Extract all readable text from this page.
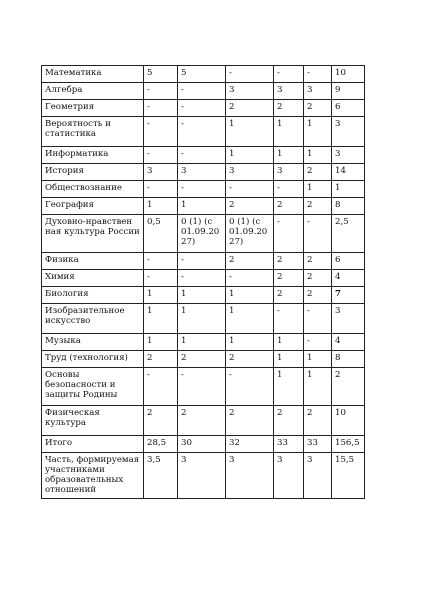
Математика	5	5	-	-	-	10
Алгебра	-	-	3	3	3	9
Геометрия	-	-	2	2	2	6
Вероятность и статистика	-	-	1	1	1	3
Информатика	-	-	1	1	1	3
История	3	3	3	3	2	14
Обществознание	-	-	-	-	1	1
География	1	1	2	2	2	8
Духовно-нравствен ная культура России	0,5	0 (1) (с 01.09.20 27)	0 (1) (с 01.09.20 27)	-	-	2,5
Физика	-	-	2	2	2	6
Химия	-	-	-	2	2	4
Биология	1	1	1	2	2	7
Изобразительное искусство	1	1	1	-	-	3
Музыка	1	1	1	1	-	4
Труд (технология)	2	2	2	1	1	8
Основы безопасности и защиты Родины	-	-	-	1	1	2
Физическая культура	2	2	2	2	2	10
Итого	28,5	30	32	33	33	156,5
Часть, формируемая участниками образовательных отношений	3,5	3	3	3	3	15,5
